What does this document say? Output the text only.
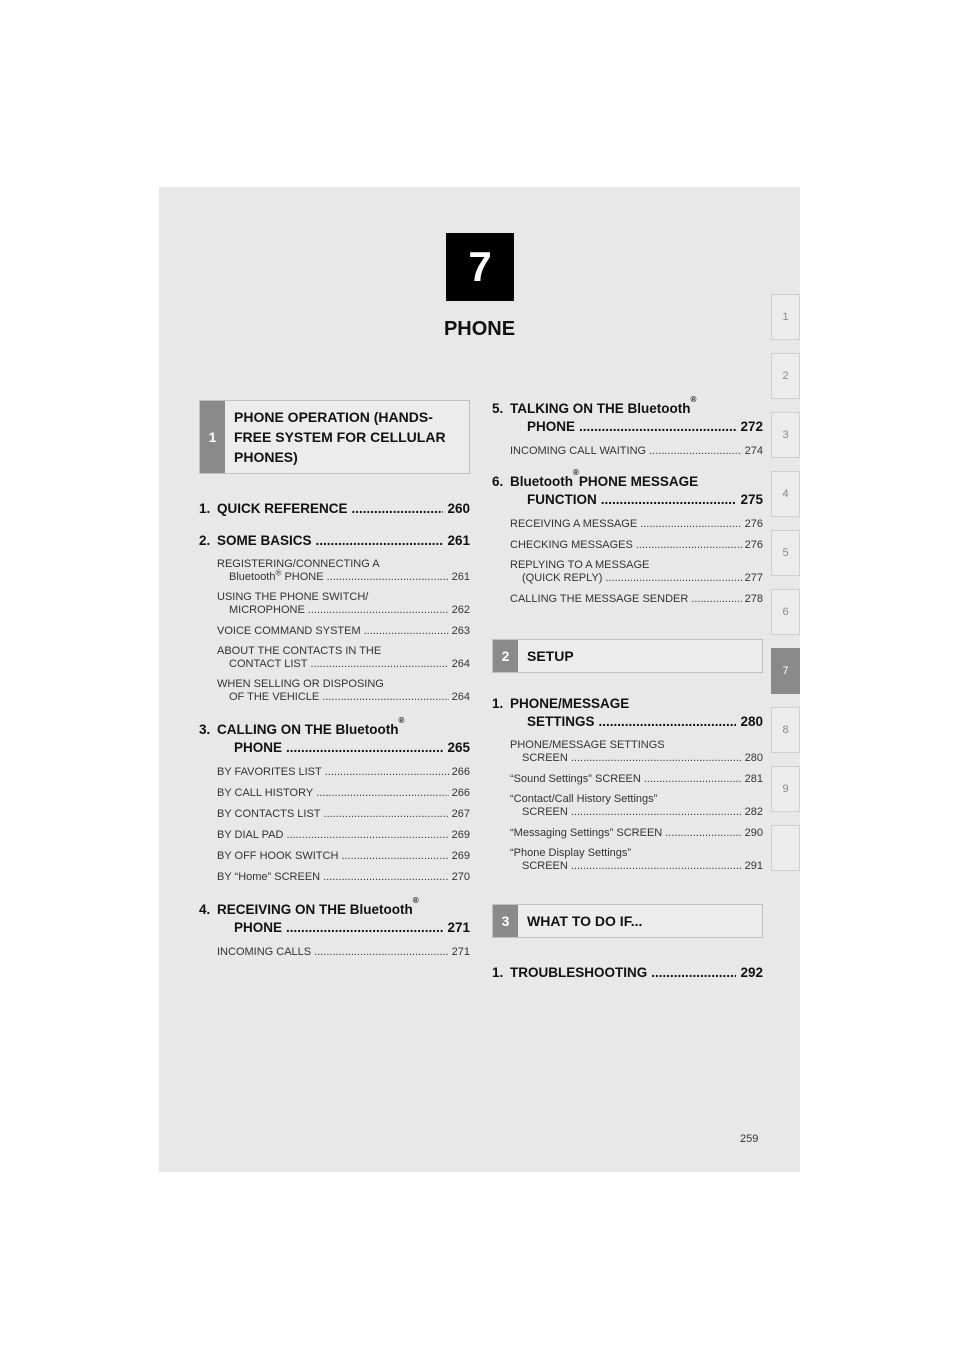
7
PHONE
1
2
3
4
5
6
7
8
9
1
PHONE OPERATION (HANDS-FREE SYSTEM FOR CELLULAR PHONES)
1. QUICK REFERENCE .....	260
2. SOME BASICS .....	261
REGISTERING/CONNECTING A
Bluetooth® PHONE .....	261
USING THE PHONE SWITCH/
MICROPHONE .....	262
VOICE COMMAND SYSTEM .....	263
ABOUT THE CONTACTS IN THE
CONTACT LIST .....	264
WHEN SELLING OR DISPOSING
OF THE VEHICLE .....	264
3. CALLING ON THE Bluetooth
®
PHONE .....	265
BY FAVORITES LIST .....	266
BY CALL HISTORY .....	266
BY CONTACTS LIST .....	267
BY DIAL PAD .....	269
BY OFF HOOK SWITCH .....	269
BY “Home” SCREEN .....	270
4. RECEIVING ON THE Bluetooth
®
PHONE .....	271
INCOMING CALLS .....	271
5. TALKING ON THE Bluetooth
®
PHONE .....	272
INCOMING CALL WAITING .....	274
6. Bluetooth
®
PHONE MESSAGE
FUNCTION .....	275
RECEIVING A MESSAGE .....	276
CHECKING MESSAGES .....	276
REPLYING TO A MESSAGE
(QUICK REPLY) .....	277
CALLING THE MESSAGE SENDER .....	278
2	SETUP
1. PHONE/MESSAGE
SETTINGS .....	280
PHONE/MESSAGE SETTINGS
SCREEN .....	280
“Sound Settings” SCREEN .....	281
“Contact/Call History Settings”
SCREEN .....	282
“Messaging Settings” SCREEN .....	290
“Phone Display Settings”
SCREEN .....	291
3	WHAT TO DO IF...
1. TROUBLESHOOTING .....	292
259
